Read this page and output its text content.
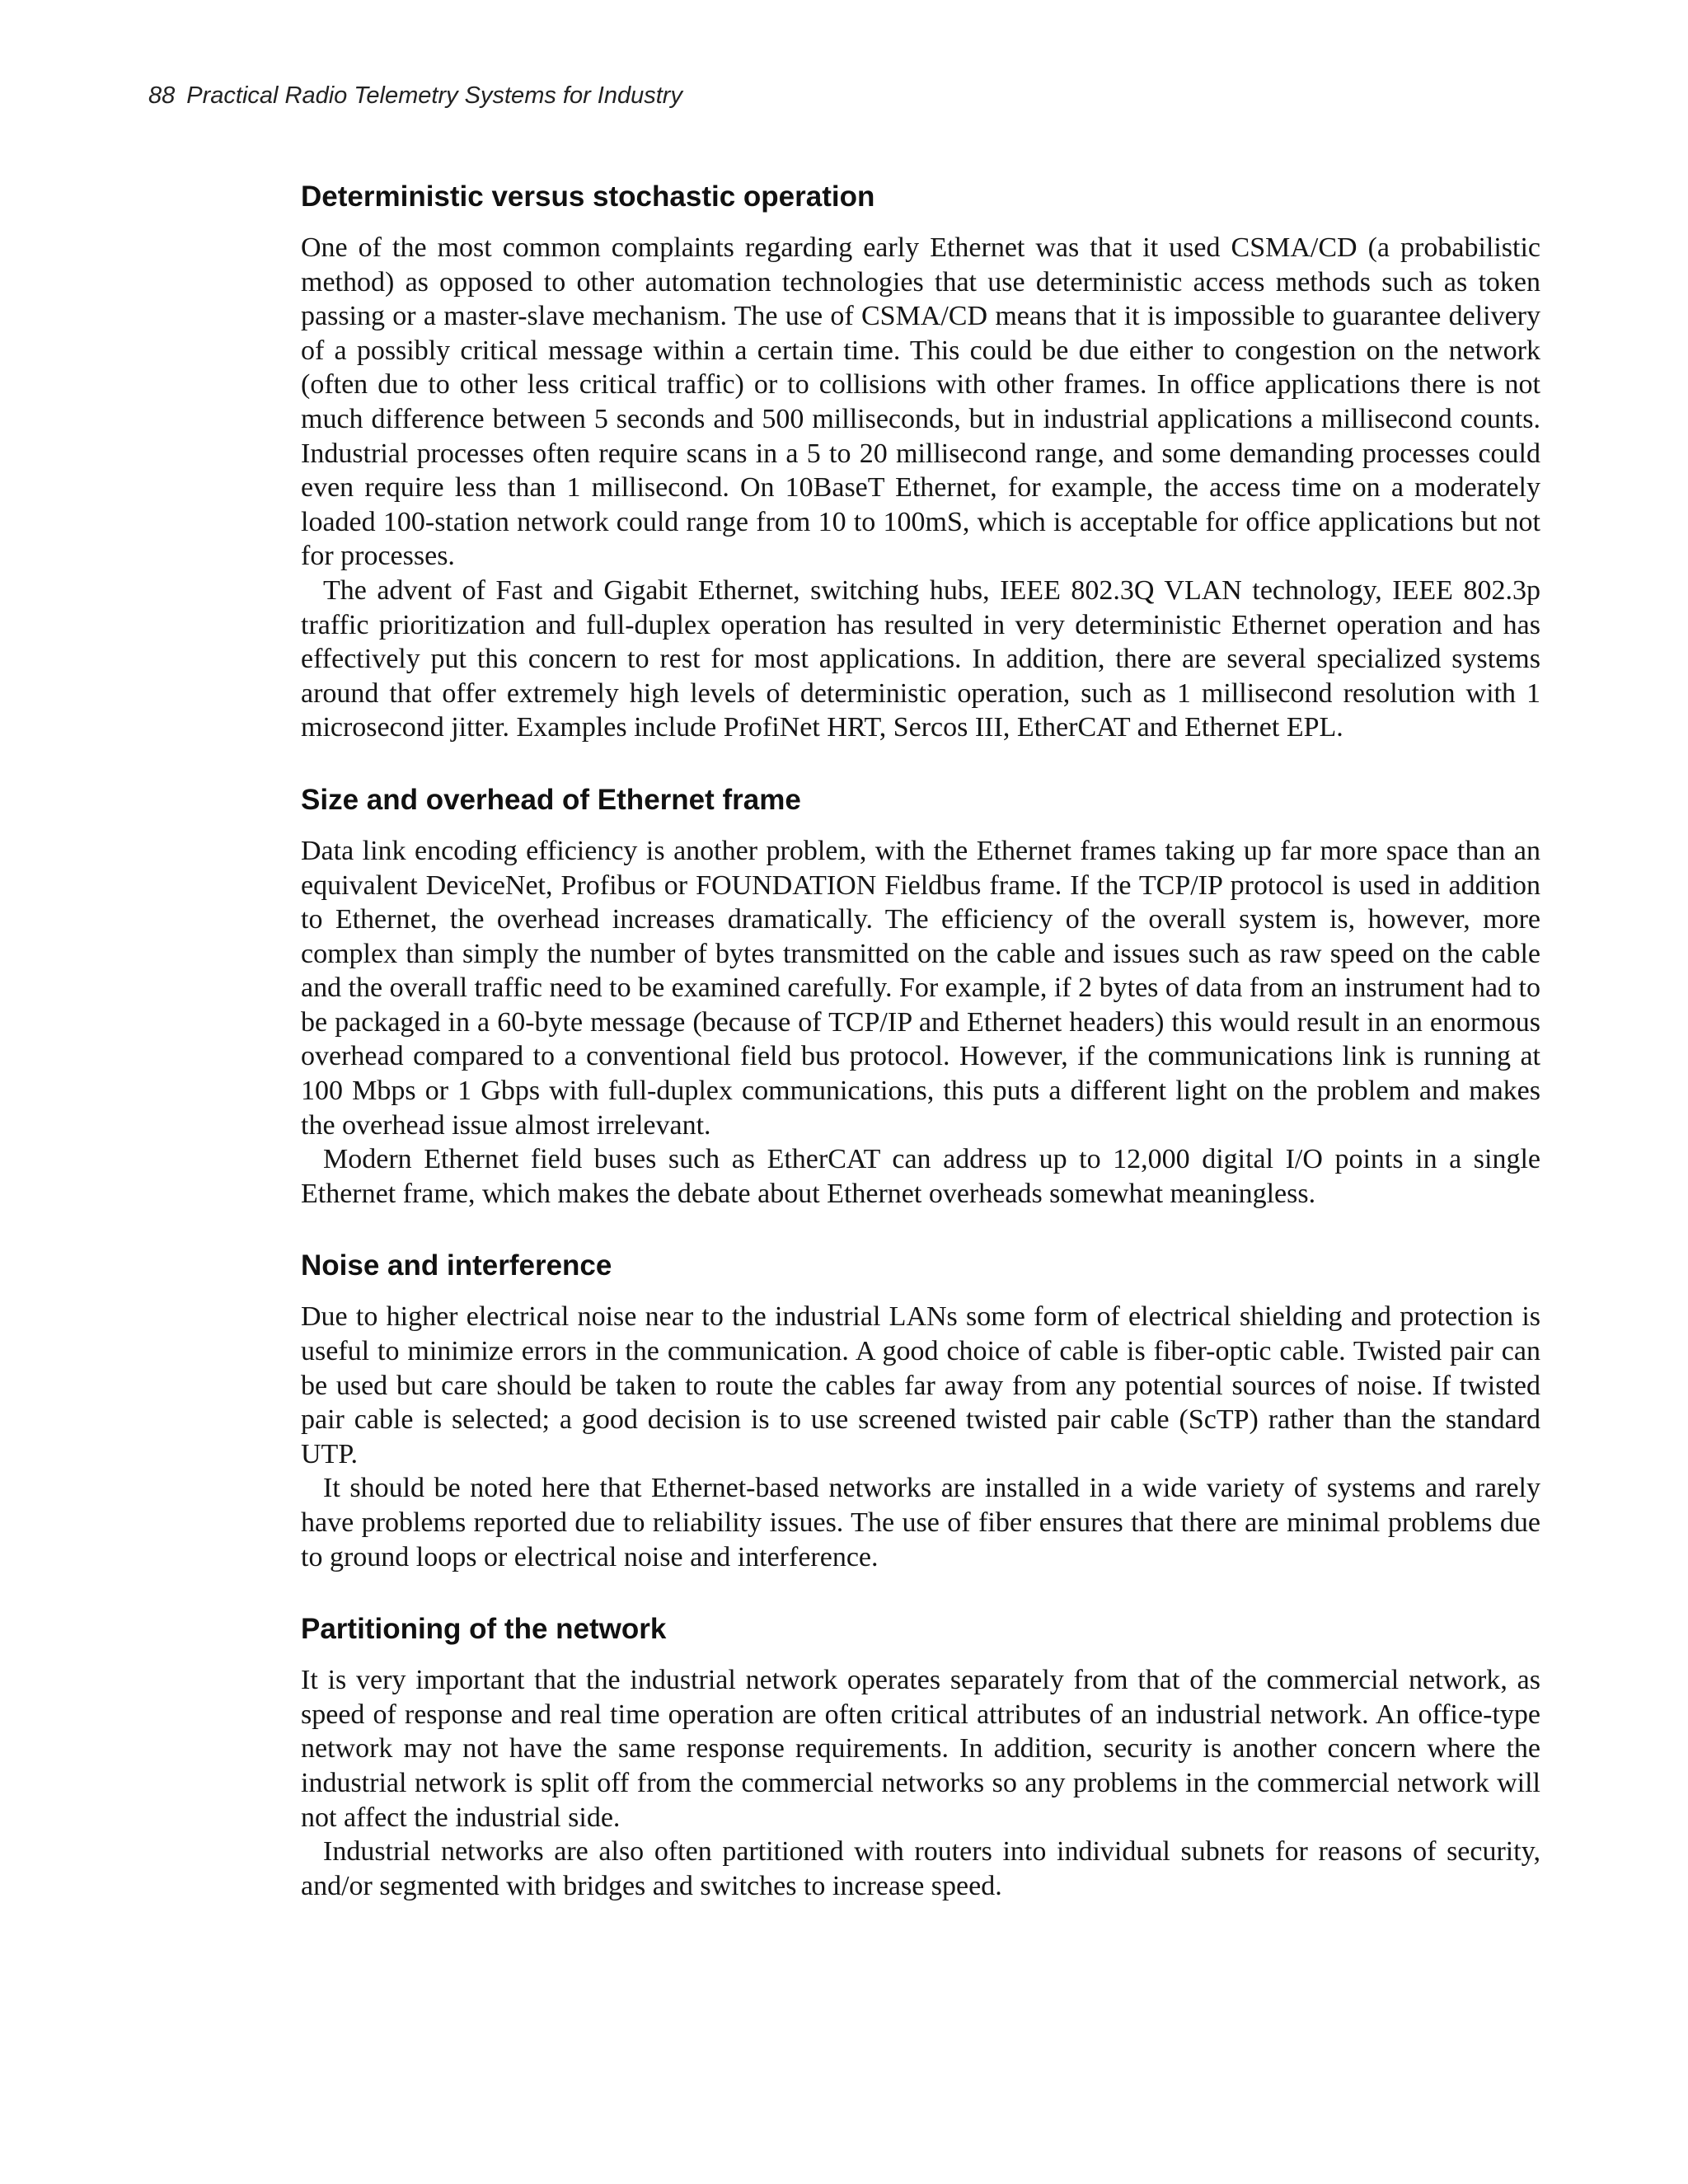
88 Practical Radio Telemetry Systems for Industry
Deterministic versus stochastic operation

One of the most common complaints regarding early Ethernet was that it used CSMA/CD (a probabilistic method) as opposed to other automation technologies that use deterministic access methods such as token passing or a master-slave mechanism. The use of CSMA/CD means that it is impossible to guarantee delivery of a possibly critical message within a certain time. This could be due either to congestion on the network (often due to other less critical traffic) or to collisions with other frames. In office applications there is not much difference between 5 seconds and 500 milliseconds, but in industrial applications a millisecond counts. Industrial processes often require scans in a 5 to 20 millisecond range, and some demanding processes could even require less than 1 millisecond. On 10BaseT Ethernet, for example, the access time on a moderately loaded 100-station network could range from 10 to 100mS, which is acceptable for office applications but not for processes.

The advent of Fast and Gigabit Ethernet, switching hubs, IEEE 802.3Q VLAN technology, IEEE 802.3p traffic prioritization and full-duplex operation has resulted in very deterministic Ethernet operation and has effectively put this concern to rest for most applications. In addition, there are several specialized systems around that offer extremely high levels of deterministic operation, such as 1 millisecond resolution with 1 microsecond jitter. Examples include ProfiNet HRT, Sercos III, EtherCAT and Ethernet EPL.

Size and overhead of Ethernet frame

Data link encoding efficiency is another problem, with the Ethernet frames taking up far more space than an equivalent DeviceNet, Profibus or FOUNDATION Fieldbus frame. If the TCP/IP protocol is used in addition to Ethernet, the overhead increases dramatically. The efficiency of the overall system is, however, more complex than simply the number of bytes transmitted on the cable and issues such as raw speed on the cable and the overall traffic need to be examined carefully. For example, if 2 bytes of data from an instrument had to be packaged in a 60-byte message (because of TCP/IP and Ethernet headers) this would result in an enormous overhead compared to a conventional field bus protocol. However, if the communications link is running at 100 Mbps or 1 Gbps with full-duplex communications, this puts a different light on the problem and makes the overhead issue almost irrelevant.

Modern Ethernet field buses such as EtherCAT can address up to 12,000 digital I/O points in a single Ethernet frame, which makes the debate about Ethernet overheads somewhat meaningless.

Noise and interference

Due to higher electrical noise near to the industrial LANs some form of electrical shielding and protection is useful to minimize errors in the communication. A good choice of cable is fiber-optic cable. Twisted pair can be used but care should be taken to route the cables far away from any potential sources of noise. If twisted pair cable is selected; a good decision is to use screened twisted pair cable (ScTP) rather than the standard UTP.

It should be noted here that Ethernet-based networks are installed in a wide variety of systems and rarely have problems reported due to reliability issues. The use of fiber ensures that there are minimal problems due to ground loops or electrical noise and interference.

Partitioning of the network

It is very important that the industrial network operates separately from that of the commercial network, as speed of response and real time operation are often critical attributes of an industrial network. An office-type network may not have the same response requirements. In addition, security is another concern where the industrial network is split off from the commercial networks so any problems in the commercial network will not affect the industrial side.

Industrial networks are also often partitioned with routers into individual subnets for reasons of security, and/or segmented with bridges and switches to increase speed.
